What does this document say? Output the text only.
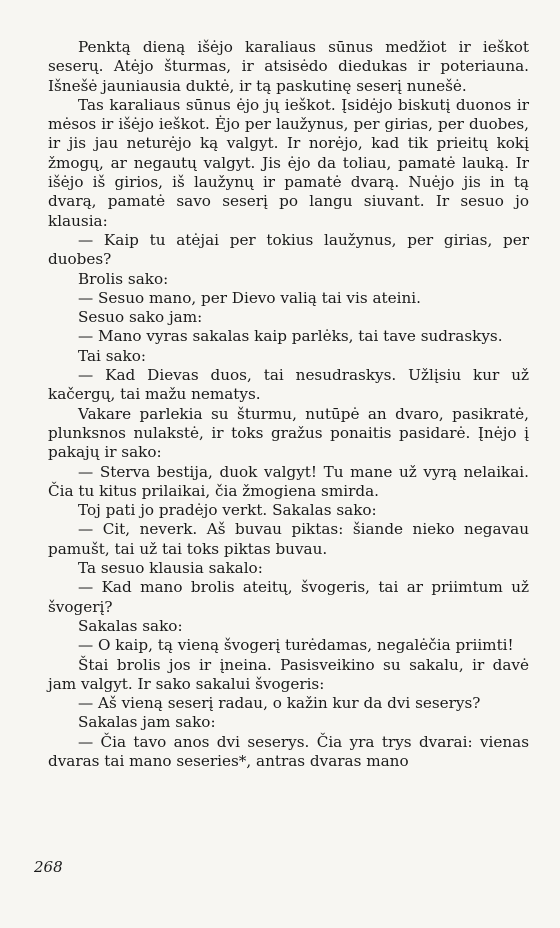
Penktą dieną išėjo karaliaus sūnus medžiot ir ieškot seserų. Atėjo šturmas, ir atsisėdo diedukas ir poteriauna. Išnešė jauniausia duktė, ir tą paskutinę seserį nunešė.

Tas karaliaus sūnus ėjo jų ieškot. Įsidėjo biskutį duonos ir mėsos ir išėjo ieškot. Ėjo per laužynus, per girias, per duobes, ir jis jau neturėjo ką valgyt. Ir norėjo, kad tik prieitų kokį žmogų, ar negautų valgyt. Jis ėjo da toliau, pamatė lauką. Ir išėjo iš girios, iš laužynų ir pamatė dvarą. Nuėjo jis in tą dvarą, pamatė savo seserį po langu siuvant. Ir sesuo jo klausia:

— Kaip tu atėjai per tokius laužynus, per girias, per duobes?

Brolis sako:

— Sesuo mano, per Dievo valią tai vis ateini.

Sesuo sako jam:

— Mano vyras sakalas kaip parlėks, tai tave sudraskys.

Tai sako:

— Kad Dievas duos, tai nesudraskys. Užlįsiu kur už kačergų, tai mažu nematys.

Vakare parlekia su šturmu, nutūpė an dvaro, pasikratė, plunksnos nulakstė, ir toks gražus ponaitis pasidarė. Įnėjo į pakajų ir sako:

— Sterva bestija, duok valgyt! Tu mane už vyrą nelaikai. Čia tu kitus prilaikai, čia žmogiena smirda.

Toj pati jo pradėjo verkt. Sakalas sako:

— Cit, neverk. Aš buvau piktas: šiande nieko negavau pamušt, tai už tai toks piktas buvau.

Ta sesuo klausia sakalo:

— Kad mano brolis ateitų, švogeris, tai ar priimtum už švogerį?

Sakalas sako:

— O kaip, tą vieną švogerį turėdamas, negalėčia priimti!

Štai brolis jos ir įneina. Pasisveikino su sakalu, ir davė jam valgyt. Ir sako sakalui švogeris:

— Aš vieną seserį radau, o kažin kur da dvi seserys?

Sakalas jam sako:

— Čia tavo anos dvi seserys. Čia yra trys dvarai: vienas dvaras tai mano seseries*, antras dvaras mano

268
